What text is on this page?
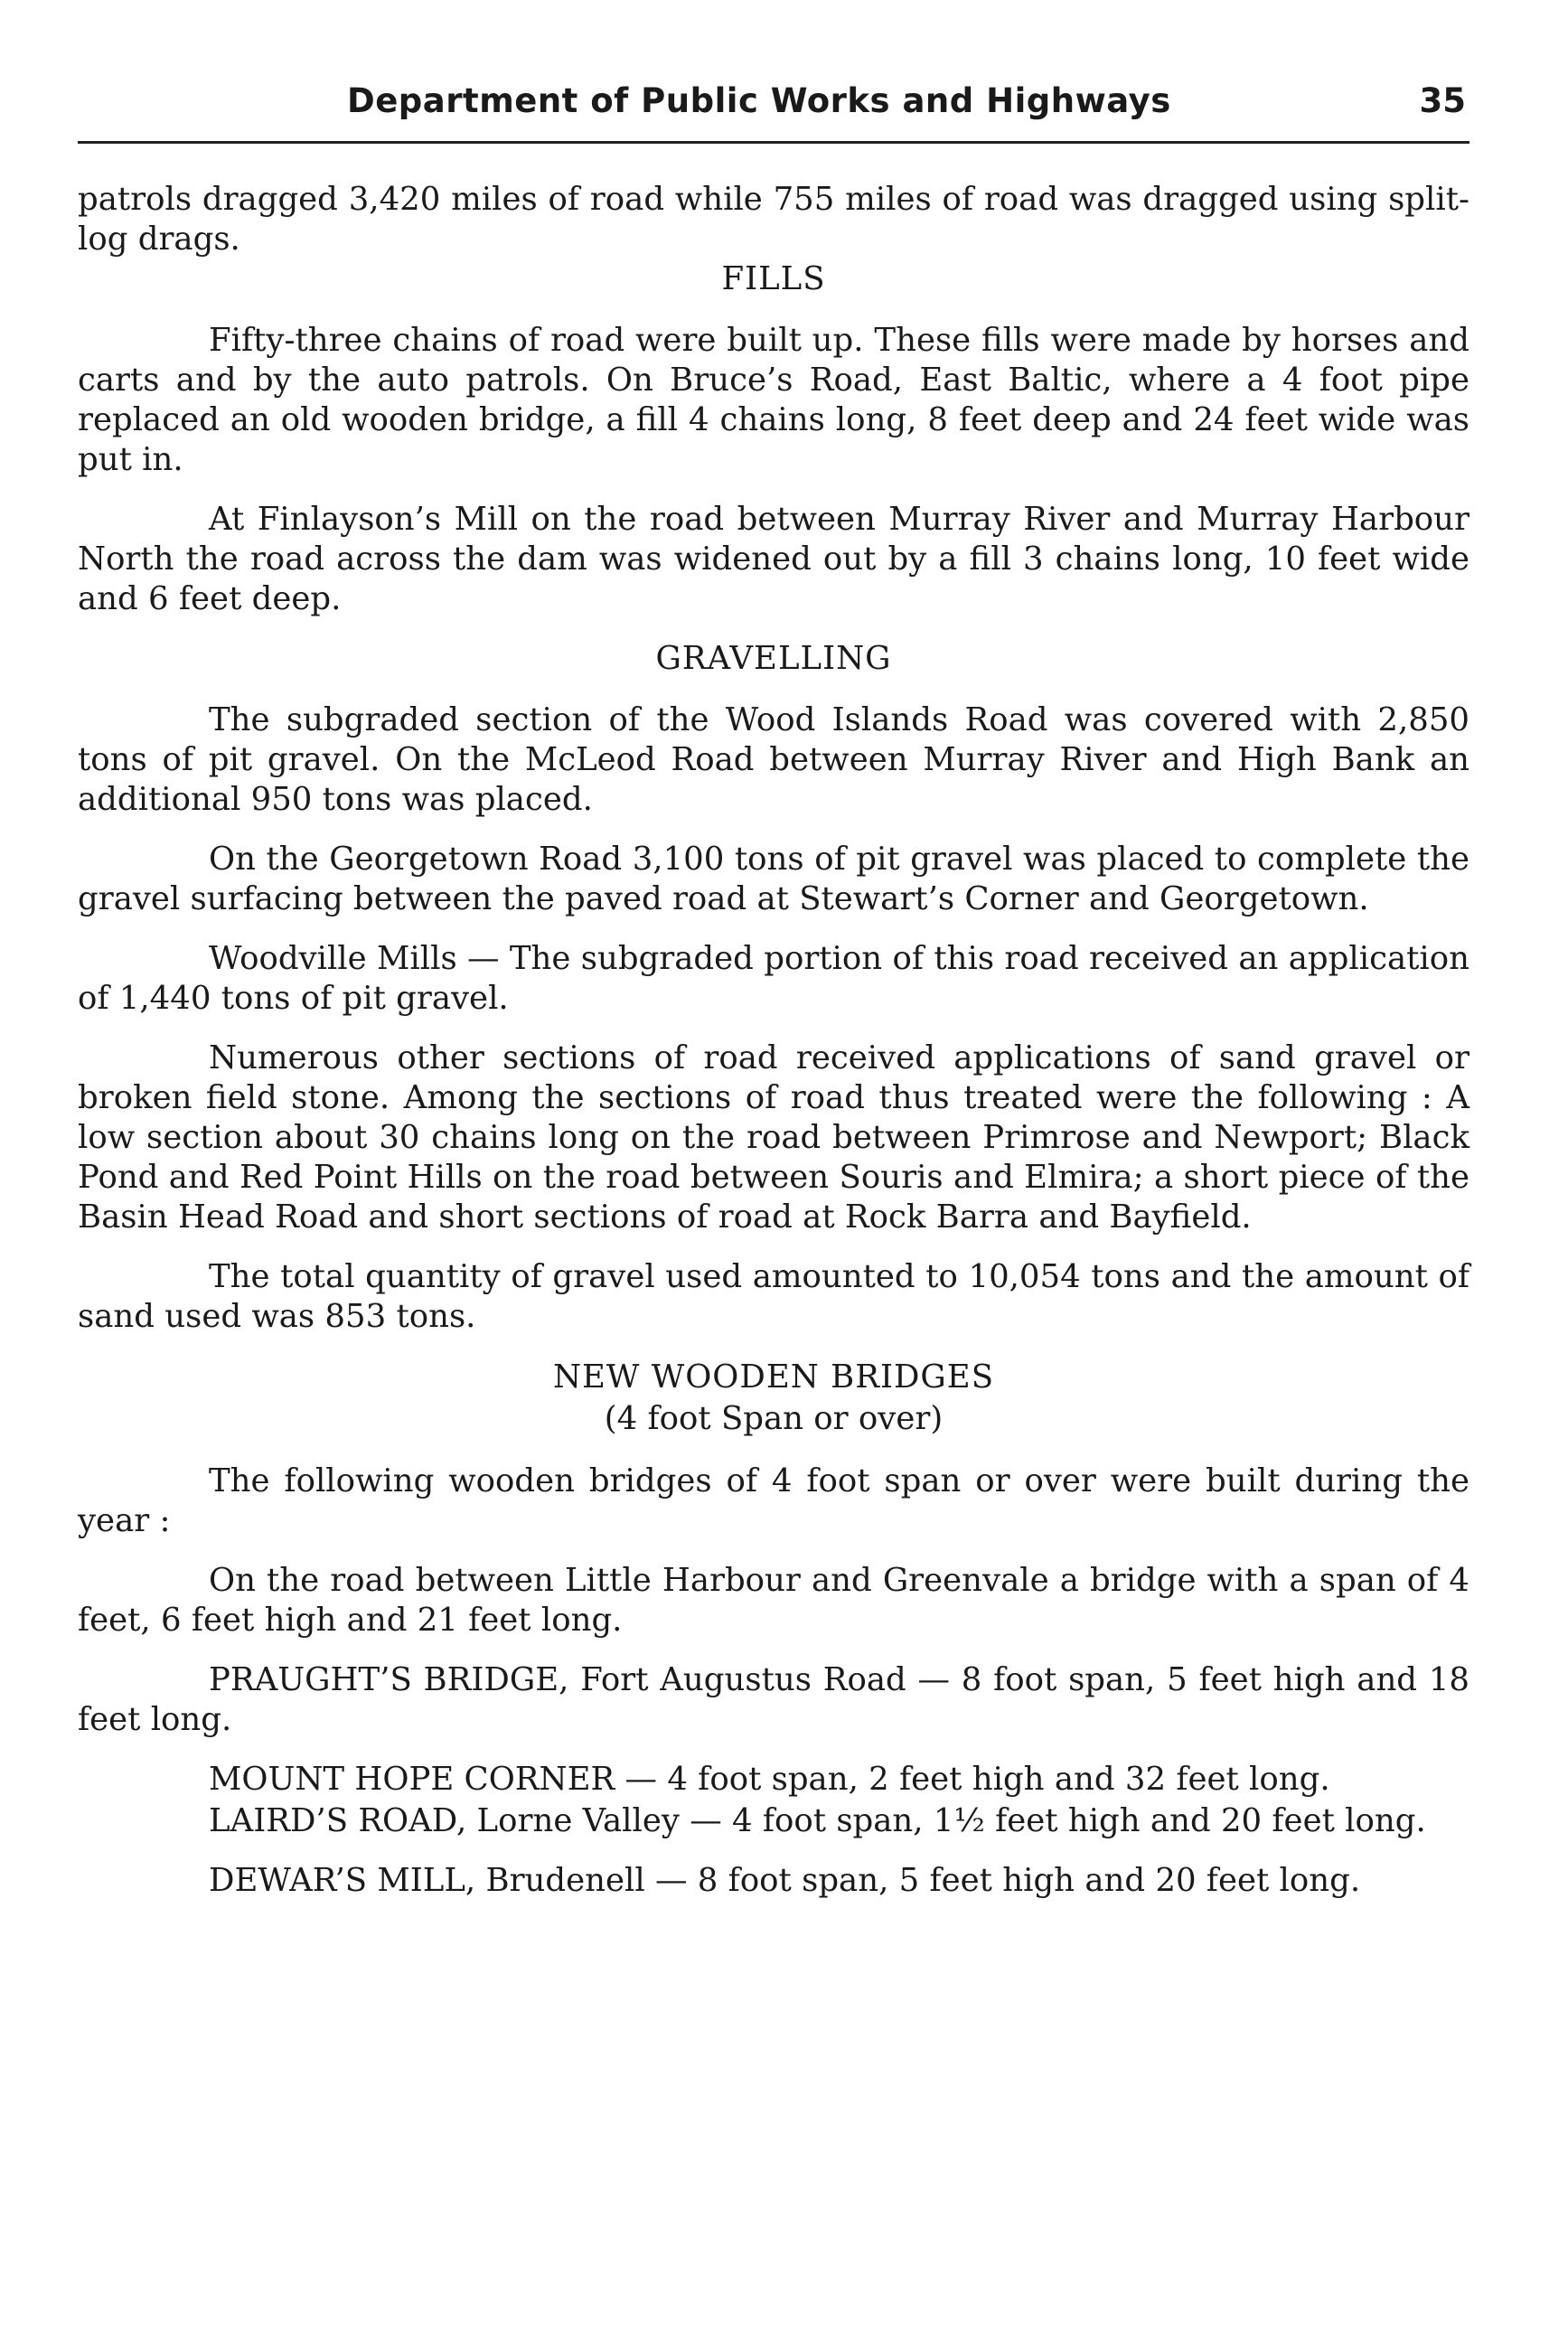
Department of Public Works and Highways	35

patrols dragged 3,420 miles of road while 755 miles of road was dragged using split-log drags.

FILLS

Fifty-three chains of road were built up. These fills were made by horses and carts and by the auto patrols. On Bruce’s Road, East Baltic, where a 4 foot pipe replaced an old wooden bridge, a fill 4 chains long, 8 feet deep and 24 feet wide was put in.

At Finlayson’s Mill on the road between Murray River and Murray Harbour North the road across the dam was widened out by a fill 3 chains long, 10 feet wide and 6 feet deep.

GRAVELLING

The subgraded section of the Wood Islands Road was covered with 2,850 tons of pit gravel. On the McLeod Road between Murray River and High Bank an additional 950 tons was placed.

On the Georgetown Road 3,100 tons of pit gravel was placed to complete the gravel surfacing between the paved road at Stewart’s Corner and Georgetown.

Woodville Mills — The subgraded portion of this road received an application of 1,440 tons of pit gravel.

Numerous other sections of road received applications of sand gravel or broken field stone. Among the sections of road thus treated were the following : A low section about 30 chains long on the road between Primrose and Newport; Black Pond and Red Point Hills on the road between Souris and Elmira; a short piece of the Basin Head Road and short sections of road at Rock Barra and Bayfield.

The total quantity of gravel used amounted to 10,054 tons and the amount of sand used was 853 tons.

NEW WOODEN BRIDGES
(4 foot Span or over)

The following wooden bridges of 4 foot span or over were built during the year :

On the road between Little Harbour and Greenvale a bridge with a span of 4 feet, 6 feet high and 21 feet long.

PRAUGHT’S BRIDGE, Fort Augustus Road — 8 foot span, 5 feet high and 18 feet long.

MOUNT HOPE CORNER — 4 foot span, 2 feet high and 32 feet long.

LAIRD’S ROAD, Lorne Valley — 4 foot span, 1½ feet high and 20 feet long.

DEWAR’S MILL, Brudenell — 8 foot span, 5 feet high and 20 feet long.
